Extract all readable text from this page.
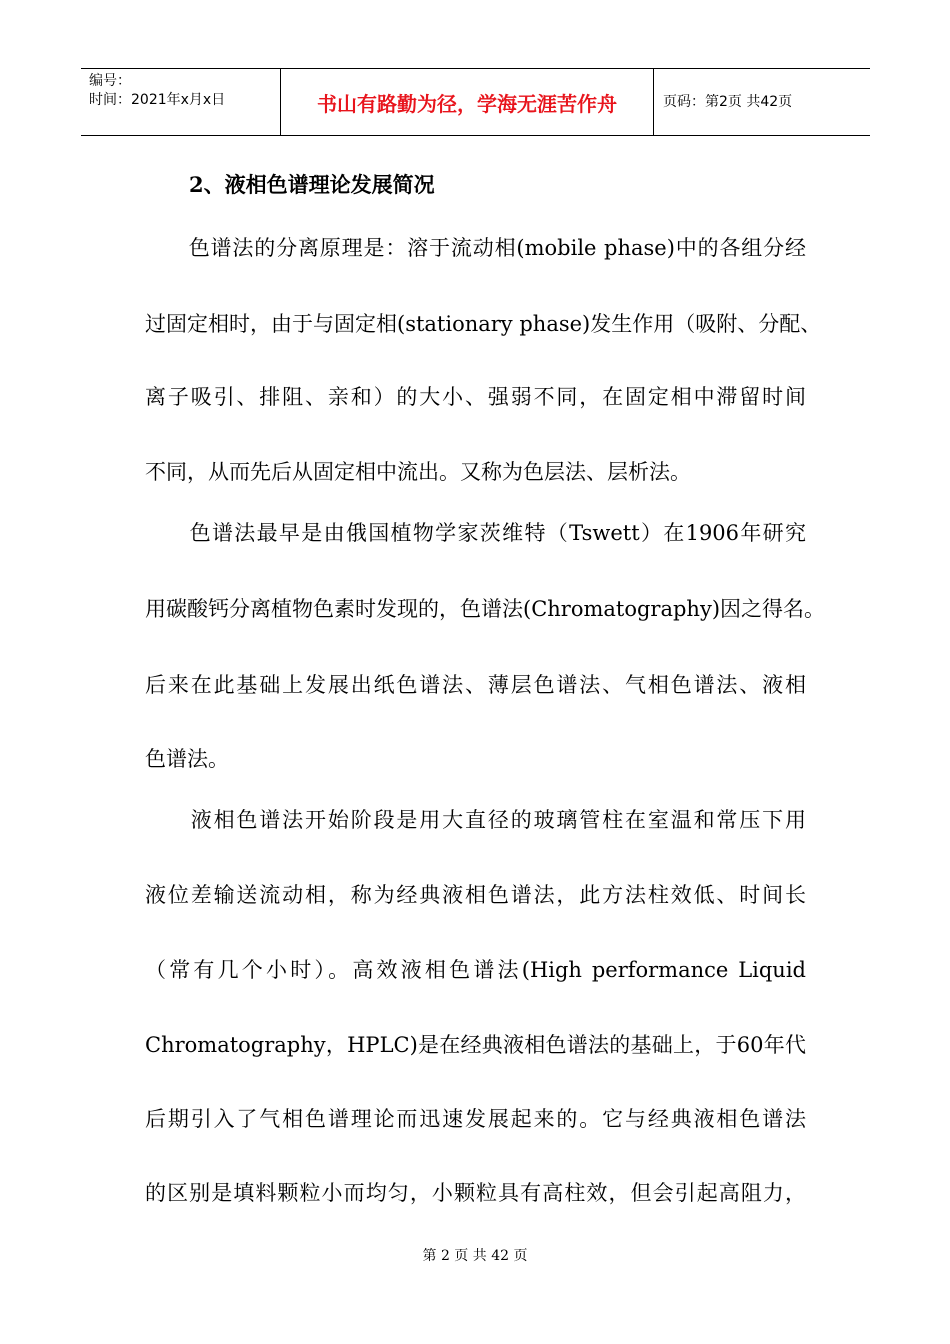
编号：
时间：2021年x月x日	书山有路勤为径，学海无涯苦作舟	页码：第2页 共42页
2、液相色谱理论发展简况
　　色谱法的分离原理是：溶于流动相(mobile phase)中的各组分经
过固定相时，由于与固定相(stationary phase)发生作用（吸附、分配、
离子吸引、排阻、亲和）的大小、强弱不同，在固定相中滞留时间
不同，从而先后从固定相中流出。又称为色层法、层析法。
　　色谱法最早是由俄国植物学家茨维特（Tswett）在1906年研究
用碳酸钙分离植物色素时发现的，色谱法(Chromatography)因之得名。
后来在此基础上发展出纸色谱法、薄层色谱法、气相色谱法、液相
色谱法。
　　液相色谱法开始阶段是用大直径的玻璃管柱在室温和常压下用
液位差输送流动相，称为经典液相色谱法，此方法柱效低、时间长
（常有几个小时）。高效液相色谱法(High performance Liquid
Chromatography，HPLC)是在经典液相色谱法的基础上，于60年代
后期引入了气相色谱理论而迅速发展起来的。它与经典液相色谱法
的区别是填料颗粒小而均匀，小颗粒具有高柱效，但会引起高阻力，
第 2 页 共 42 页
